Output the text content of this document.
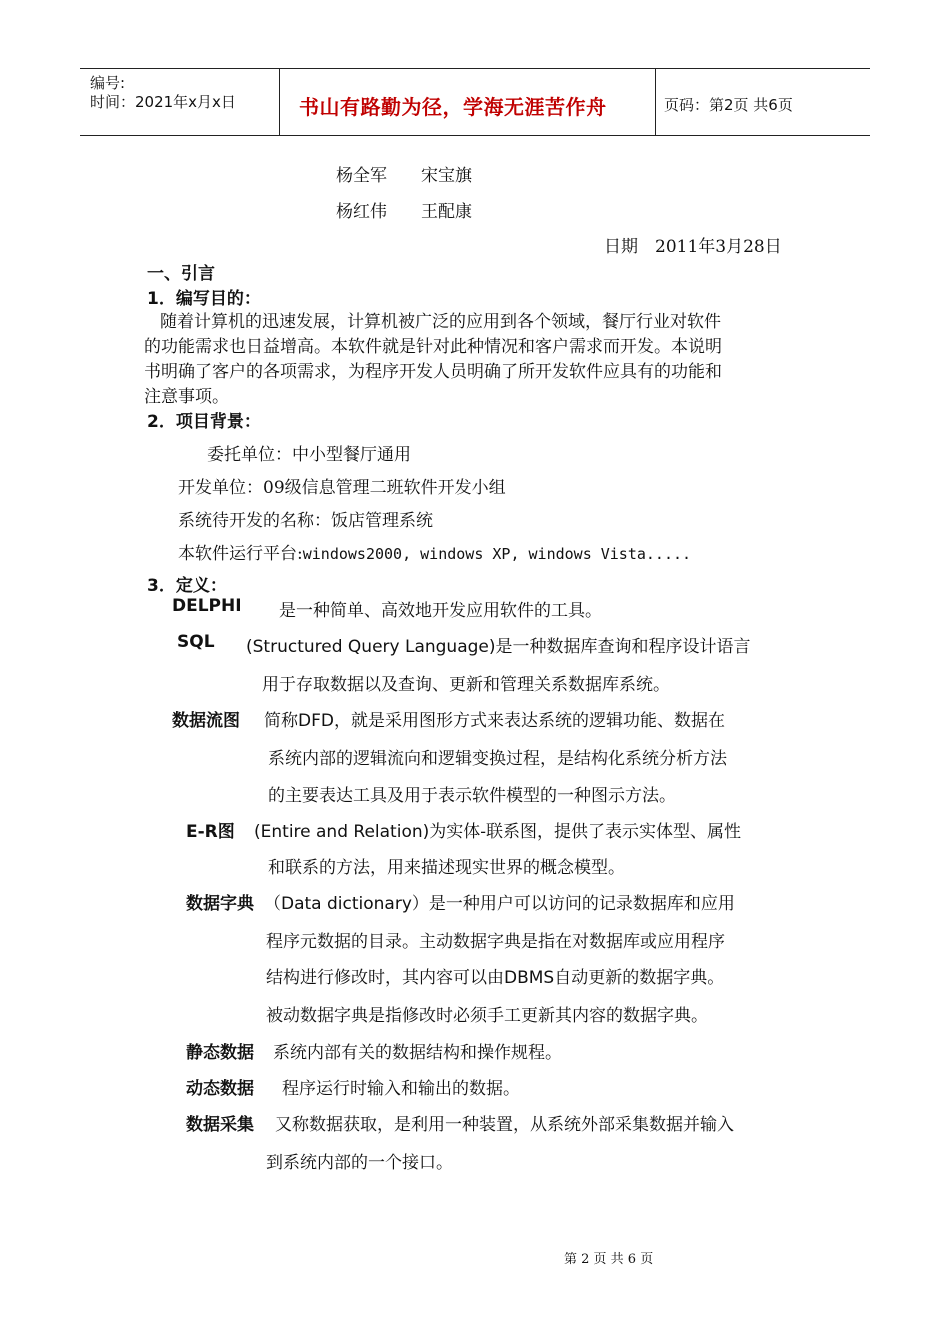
编号:
时间：2021年x月x日	书山有路勤为径，学海无涯苦作舟	页码：第2页 共6页
杨全军　　宋宝旗
杨红伟　　王配康
日期　2011年3月28日
一、引言
1．编写目的：
随着计算机的迅速发展，计算机被广泛的应用到各个领域，餐厅行业对软件
的功能需求也日益增高。本软件就是针对此种情况和客户需求而开发。本说明
书明确了客户的各项需求，为程序开发人员明确了所开发软件应具有的功能和
注意事项。
2．项目背景：
委托单位：中小型餐厅通用
开发单位：09级信息管理二班软件开发小组
系统待开发的名称：饭店管理系统
本软件运行平台:windows2000, windows XP, windows Vista.....
3．定义：
DELPHI 是一种简单、高效地开发应用软件的工具。
SQL (Structured Query Language)是一种数据库查询和程序设计语言
用于存取数据以及查询、更新和管理关系数据库系统。
数据流图 简称DFD，就是采用图形方式来表达系统的逻辑功能、数据在
系统内部的逻辑流向和逻辑变换过程，是结构化系统分析方法
的主要表达工具及用于表示软件模型的一种图示方法。
E-R图 (Entire and Relation)为实体-联系图，提供了表示实体型、属性
和联系的方法，用来描述现实世界的概念模型。
数据字典 （Data dictionary）是一种用户可以访问的记录数据库和应用
程序元数据的目录。主动数据字典是指在对数据库或应用程序
结构进行修改时，其内容可以由DBMS自动更新的数据字典。
被动数据字典是指修改时必须手工更新其内容的数据字典。
静态数据 系统内部有关的数据结构和操作规程。
动态数据 程序运行时输入和输出的数据。
数据采集 又称数据获取，是利用一种装置，从系统外部采集数据并输入
到系统内部的一个接口。
第 2 页 共 6 页
